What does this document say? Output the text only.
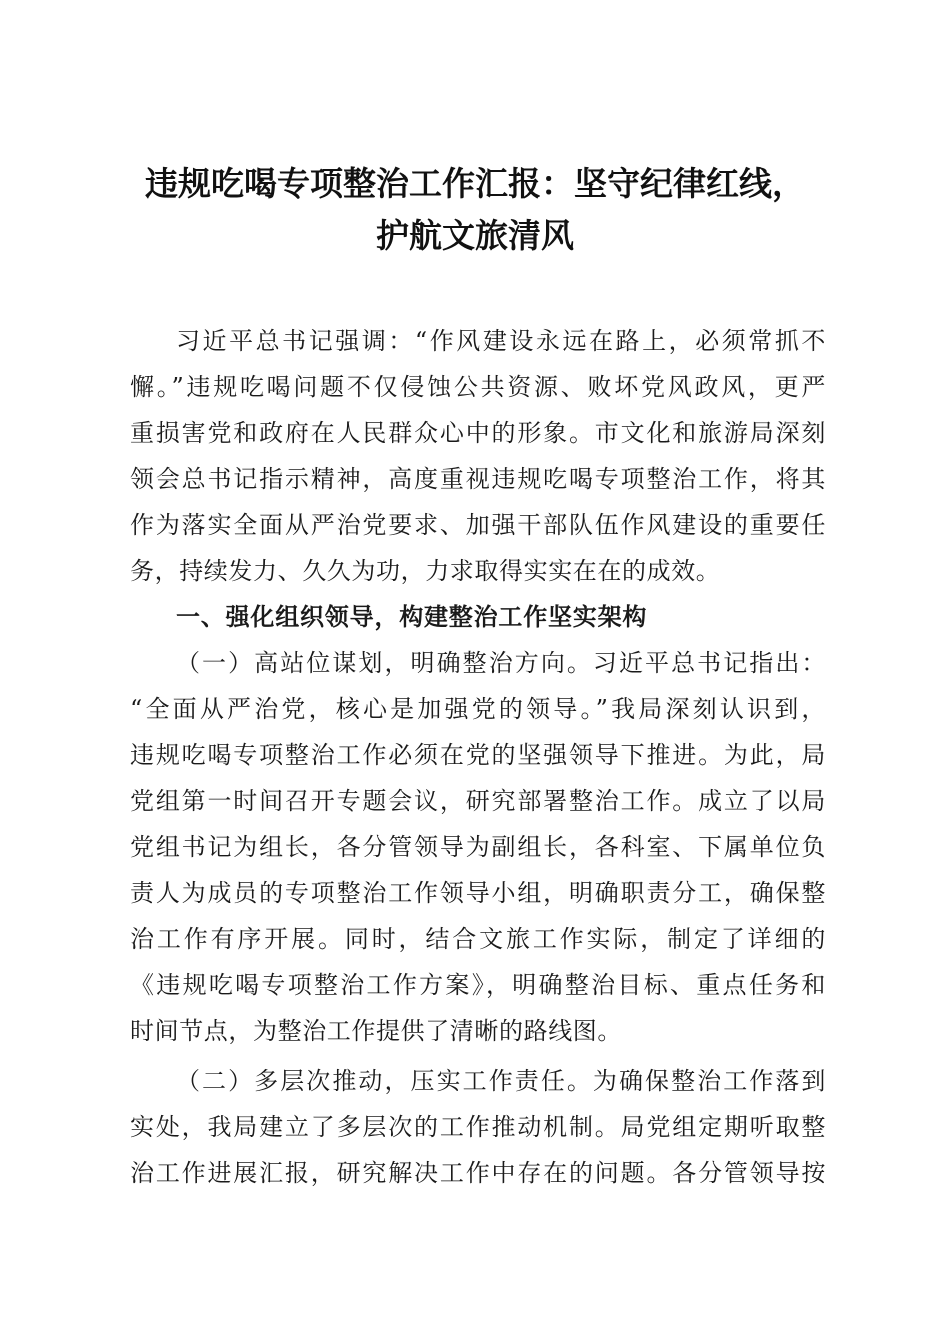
违规吃喝专项整治工作汇报：坚守纪律红线，
护航文旅清风
习近平总书记强调：“作风建设永远在路上，必须常抓不
懈。”违规吃喝问题不仅侵蚀公共资源、败坏党风政风，更严
重损害党和政府在人民群众心中的形象。市文化和旅游局深刻
领会总书记指示精神，高度重视违规吃喝专项整治工作，将其
作为落实全面从严治党要求、加强干部队伍作风建设的重要任
务，持续发力、久久为功，力求取得实实在在的成效。
一、强化组织领导，构建整治工作坚实架构
（一）高站位谋划，明确整治方向。习近平总书记指出：
“全面从严治党，核心是加强党的领导。”我局深刻认识到，
违规吃喝专项整治工作必须在党的坚强领导下推进。为此，局
党组第一时间召开专题会议，研究部署整治工作。成立了以局
党组书记为组长，各分管领导为副组长，各科室、下属单位负
责人为成员的专项整治工作领导小组，明确职责分工，确保整
治工作有序开展。同时，结合文旅工作实际，制定了详细的
《违规吃喝专项整治工作方案》，明确整治目标、重点任务和
时间节点，为整治工作提供了清晰的路线图。
（二）多层次推动，压实工作责任。为确保整治工作落到
实处，我局建立了多层次的工作推动机制。局党组定期听取整
治工作进展汇报，研究解决工作中存在的问题。各分管领导按
